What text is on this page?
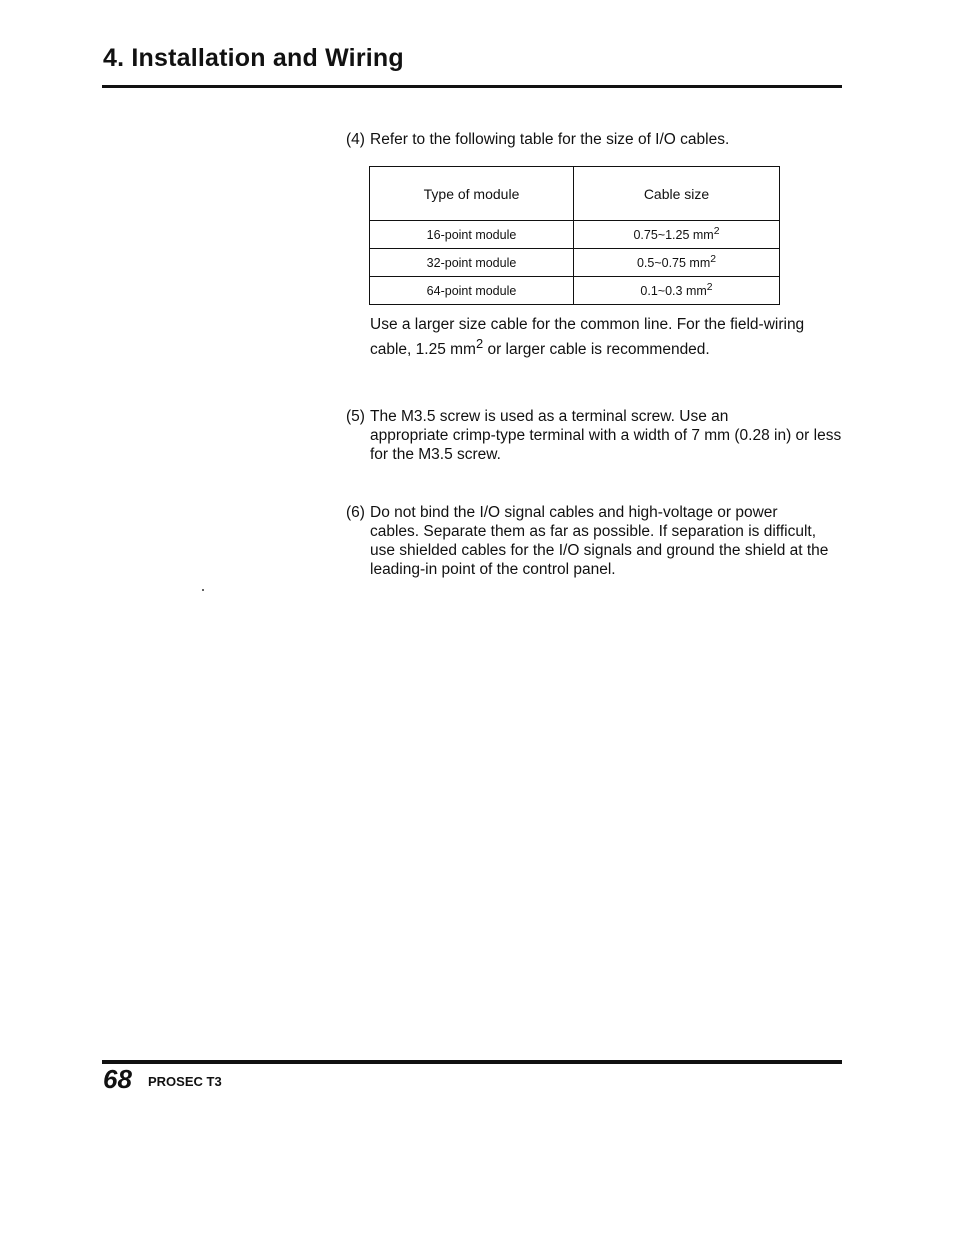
4. Installation and Wiring
(4) Refer to the following table for the size of I/O cables.
Type of module	Cable size
16-point module	0.75~1.25 $mm^2$
32-point module	0.5~0.75 $mm^2$
64-point module	0.1~0.3 $mm^2$
Use a larger size cable for the common line. For the field-wiring cable, 1.25 $mm^2$ or larger cable is recommended.
(5) The M3.5 screw is used as a terminal screw. Use an
appropriate crimp-type terminal with a width of 7 mm (0.28 in) or less for the M3.5 screw.
(6) Do not bind the I/O signal cables and high-voltage or power
cables. Separate them as far as possible. If separation is difficult, use shielded cables for the I/O signals and ground the shield at the leading-in point of the control panel.
68 PROSEC T3
